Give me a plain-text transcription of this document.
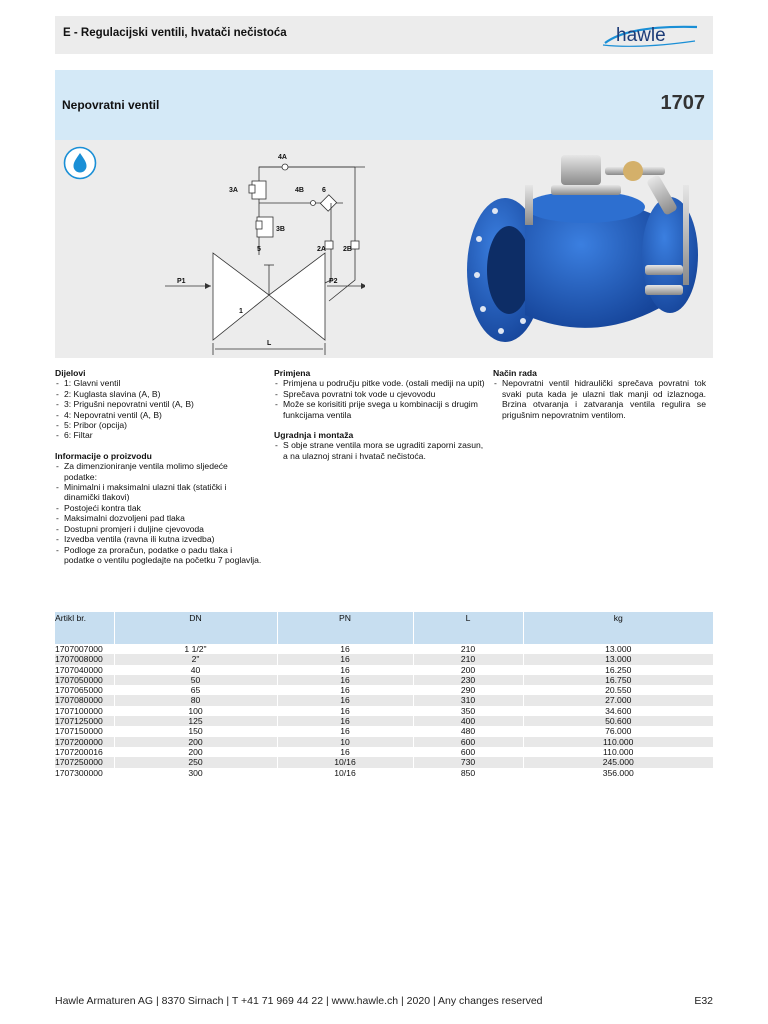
E - Regulacijski ventili, hvatači nečistoća	hawle
Nepovratni ventil	1707
4A
3A	4B	6
3B
5	2A 2B
P1	P2
1
L
Dijelovi
- 1: Glavni ventil
- 2: Kuglasta slavina (A, B)
- 3: Prigušni nepovratni ventil (A, B)
- 4: Nepovratni ventil (A, B)
- 5: Pribor (opcija)
- 6: Filtar
Informacije o proizvodu
- Za dimenzioniranje ventila molimo sljedeće podatke:
- Minimalni i maksimalni ulazni tlak (statički i dinamički tlakovi)
- Postojeći kontra tlak
- Maksimalni dozvoljeni pad tlaka
- Dostupni promjeri i duljine cjevovoda
- Izvedba ventila (ravna ili kutna izvedba)
- Podloge za proračun, podatke o padu tlaka i podatke o ventilu pogledajte na početku 7 poglavlja.
Primjena
- Primjena u području pitke vode. (ostali mediji na upit)
- Sprečava povratni tok vode u cjevovodu
- Može se korisititi prije svega u kombinaciji s drugim funkcijama ventila
Ugradnja i montaža
- S obje strane ventila mora se ugraditi zaporni zasun, a na ulaznoj strani i hvatač nečistoća.
Način rada
- Nepovratni ventil hidraulički sprečava povratni tok svaki puta kada je ulazni tlak manji od izlaznoga. Brzina otvaranja i zatvaranja ventila regulira se prigušnim nepovratnim ventilom.
Artikl br.	DN	PN	L	kg
1707007000	1 1/2"	16	210	13.000
1707008000	2"	16	210	13.000
1707040000	40	16	200	16.250
1707050000	50	16	230	16.750
1707065000	65	16	290	20.550
1707080000	80	16	310	27.000
1707100000	100	16	350	34.600
1707125000	125	16	400	50.600
1707150000	150	16	480	76.000
1707200000	200	10	600	110.000
1707200016	200	16	600	110.000
1707250000	250	10/16	730	245.000
1707300000	300	10/16	850	356.000
Hawle Armaturen AG | 8370 Sirnach | T +41 71 969 44 22 | www.hawle.ch | 2020 | Any changes reserved	E32
